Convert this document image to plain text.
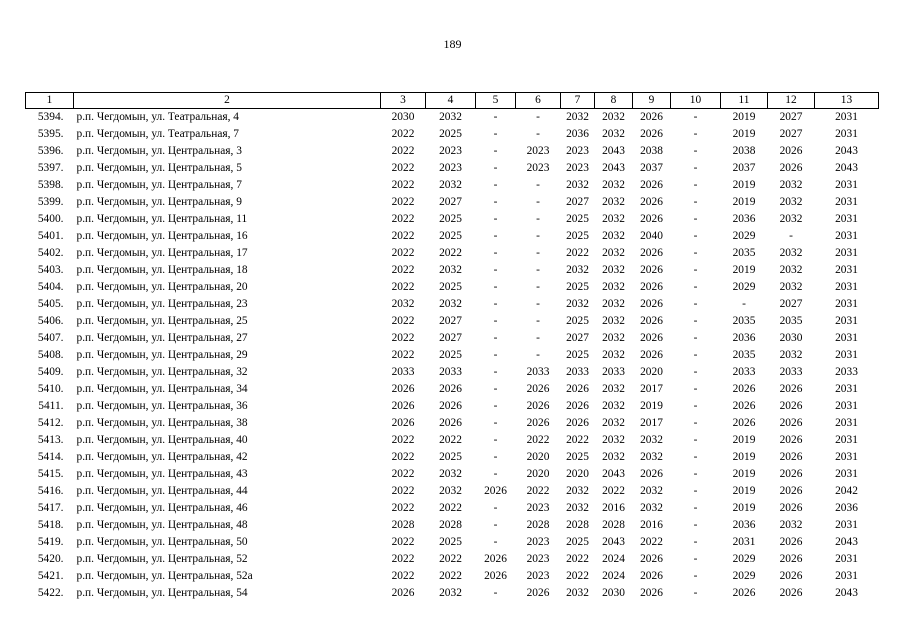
189
1	2	3	4	5	6	7	8	9	10	11	12	13
5394.	р.п. Чегдомын, ул. Театральная, 4	2030	2032	-	-	2032	2032	2026	-	2019	2027	2031
5395.	р.п. Чегдомын, ул. Театральная, 7	2022	2025	-	-	2036	2032	2026	-	2019	2027	2031
5396.	р.п. Чегдомын, ул. Центральная, 3	2022	2023	-	2023	2023	2043	2038	-	2038	2026	2043
5397.	р.п. Чегдомын, ул. Центральная, 5	2022	2023	-	2023	2023	2043	2037	-	2037	2026	2043
5398.	р.п. Чегдомын, ул. Центральная, 7	2022	2032	-	-	2032	2032	2026	-	2019	2032	2031
5399.	р.п. Чегдомын, ул. Центральная, 9	2022	2027	-	-	2027	2032	2026	-	2019	2032	2031
5400.	р.п. Чегдомын, ул. Центральная, 11	2022	2025	-	-	2025	2032	2026	-	2036	2032	2031
5401.	р.п. Чегдомын, ул. Центральная, 16	2022	2025	-	-	2025	2032	2040	-	2029	-	2031
5402.	р.п. Чегдомын, ул. Центральная, 17	2022	2022	-	-	2022	2032	2026	-	2035	2032	2031
5403.	р.п. Чегдомын, ул. Центральная, 18	2022	2032	-	-	2032	2032	2026	-	2019	2032	2031
5404.	р.п. Чегдомын, ул. Центральная, 20	2022	2025	-	-	2025	2032	2026	-	2029	2032	2031
5405.	р.п. Чегдомын, ул. Центральная, 23	2032	2032	-	-	2032	2032	2026	-	-	2027	2031
5406.	р.п. Чегдомын, ул. Центральная, 25	2022	2027	-	-	2025	2032	2026	-	2035	2035	2031
5407.	р.п. Чегдомын, ул. Центральная, 27	2022	2027	-	-	2027	2032	2026	-	2036	2030	2031
5408.	р.п. Чегдомын, ул. Центральная, 29	2022	2025	-	-	2025	2032	2026	-	2035	2032	2031
5409.	р.п. Чегдомын, ул. Центральная, 32	2033	2033	-	2033	2033	2033	2020	-	2033	2033	2033
5410.	р.п. Чегдомын, ул. Центральная, 34	2026	2026	-	2026	2026	2032	2017	-	2026	2026	2031
5411.	р.п. Чегдомын, ул. Центральная, 36	2026	2026	-	2026	2026	2032	2019	-	2026	2026	2031
5412.	р.п. Чегдомын, ул. Центральная, 38	2026	2026	-	2026	2026	2032	2017	-	2026	2026	2031
5413.	р.п. Чегдомын, ул. Центральная, 40	2022	2022	-	2022	2022	2032	2032	-	2019	2026	2031
5414.	р.п. Чегдомын, ул. Центральная, 42	2022	2025	-	2020	2025	2032	2032	-	2019	2026	2031
5415.	р.п. Чегдомын, ул. Центральная, 43	2022	2032	-	2020	2020	2043	2026	-	2019	2026	2031
5416.	р.п. Чегдомын, ул. Центральная, 44	2022	2032	2026	2022	2032	2022	2032	-	2019	2026	2042
5417.	р.п. Чегдомын, ул. Центральная, 46	2022	2022	-	2023	2032	2016	2032	-	2019	2026	2036
5418.	р.п. Чегдомын, ул. Центральная, 48	2028	2028	-	2028	2028	2028	2016	-	2036	2032	2031
5419.	р.п. Чегдомын, ул. Центральная, 50	2022	2025	-	2023	2025	2043	2022	-	2031	2026	2043
5420.	р.п. Чегдомын, ул. Центральная, 52	2022	2022	2026	2023	2022	2024	2026	-	2029	2026	2031
5421.	р.п. Чегдомын, ул. Центральная, 52а	2022	2022	2026	2023	2022	2024	2026	-	2029	2026	2031
5422.	р.п. Чегдомын, ул. Центральная, 54	2026	2032	-	2026	2032	2030	2026	-	2026	2026	2043
